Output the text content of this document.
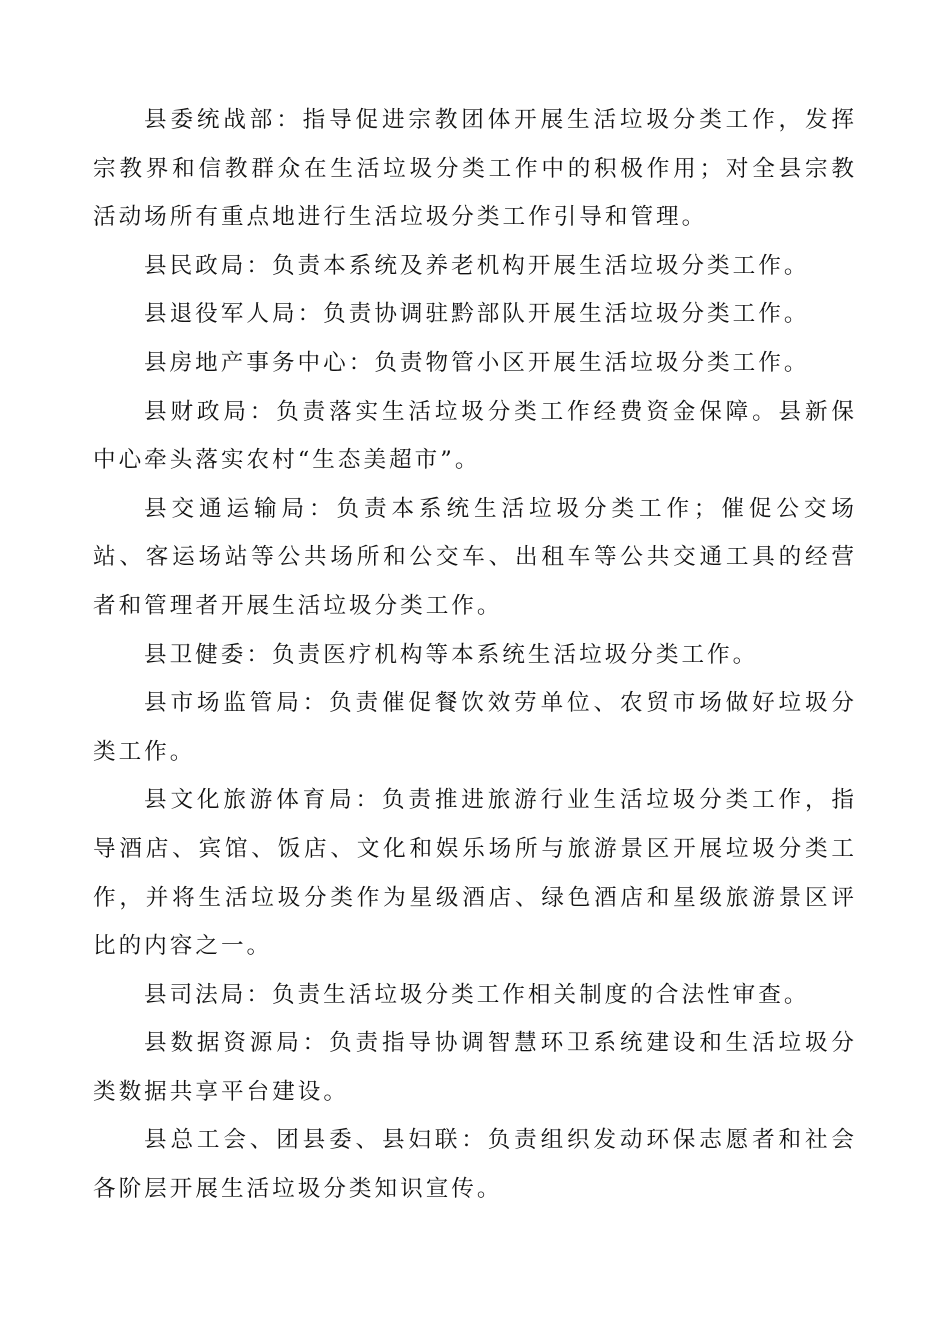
县委统战部：指导促进宗教团体开展生活垃圾分类工作，发挥宗教界和信教群众在生活垃圾分类工作中的积极作用；对全县宗教活动场所有重点地进行生活垃圾分类工作引导和管理。

县民政局：负责本系统及养老机构开展生活垃圾分类工作。

县退役军人局：负责协调驻黔部队开展生活垃圾分类工作。

县房地产事务中心：负责物管小区开展生活垃圾分类工作。

县财政局：负责落实生活垃圾分类工作经费资金保障。县新保中心牵头落实农村“生态美超市”。

县交通运输局：负责本系统生活垃圾分类工作；催促公交场站、客运场站等公共场所和公交车、出租车等公共交通工具的经营者和管理者开展生活垃圾分类工作。

县卫健委：负责医疗机构等本系统生活垃圾分类工作。

县市场监管局：负责催促餐饮效劳单位、农贸市场做好垃圾分类工作。

县文化旅游体育局：负责推进旅游行业生活垃圾分类工作，指导酒店、宾馆、饭店、文化和娱乐场所与旅游景区开展垃圾分类工作，并将生活垃圾分类作为星级酒店、绿色酒店和星级旅游景区评比的内容之一。

县司法局：负责生活垃圾分类工作相关制度的合法性审查。

县数据资源局：负责指导协调智慧环卫系统建设和生活垃圾分类数据共享平台建设。

县总工会、团县委、县妇联：负责组织发动环保志愿者和社会各阶层开展生活垃圾分类知识宣传。
